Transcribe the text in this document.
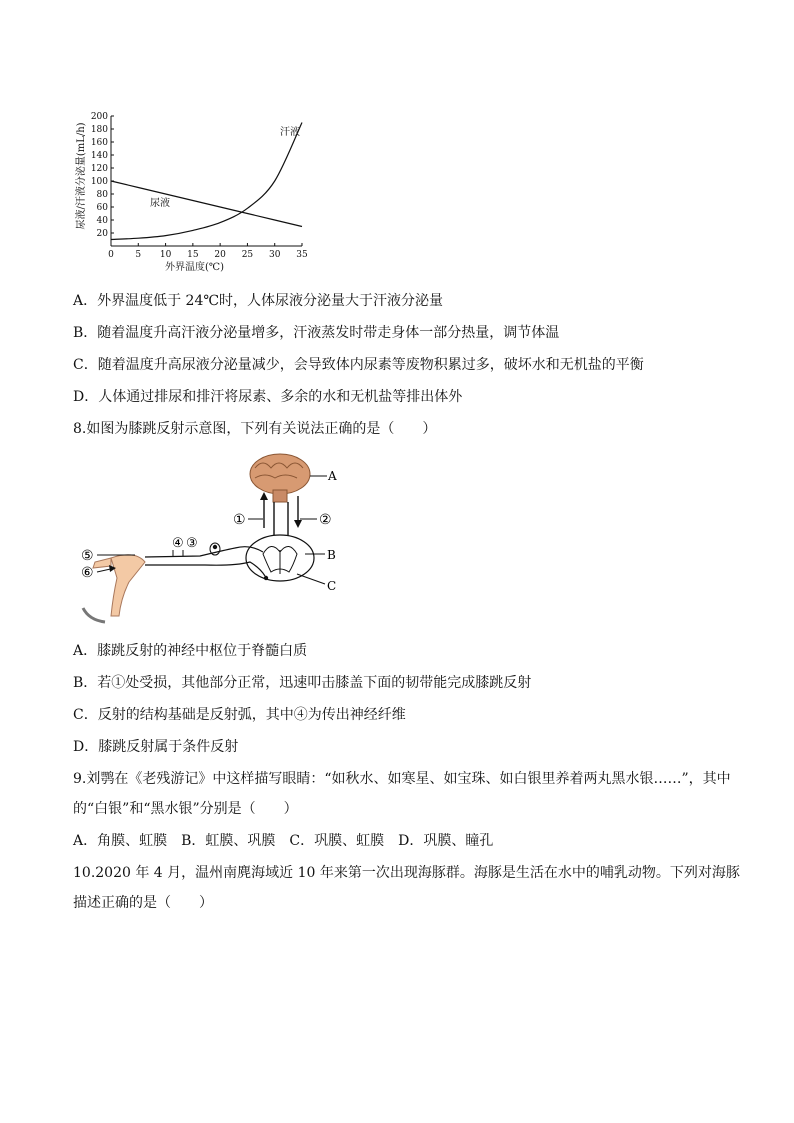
尿液/汗液分泌量(mL/h)
20
40
60
80
100
120
140
160
180
200
0 5 10 15 20 25 30 35
汗液
尿液
外界温度(℃)
A．外界温度低于 24℃时，人体尿液分泌量大于汗液分泌量
B．随着温度升高汗液分泌量增多，汗液蒸发时带走身体一部分热量，调节体温
C．随着温度升高尿液分泌量减少，会导致体内尿素等废物积累过多，破坏水和无机盐的平衡
D．人体通过排尿和排汗将尿素、多余的水和无机盐等排出体外
8.如图为膝跳反射示意图，下列有关说法正确的是（　　）
A
①	②
B
C
④ ③
⑤
⑥
A．膝跳反射的神经中枢位于脊髓白质
B．若①处受损，其他部分正常，迅速叩击膝盖下面的韧带能完成膝跳反射
C．反射的结构基础是反射弧，其中④为传出神经纤维
D．膝跳反射属于条件反射
9.刘鹗在《老残游记》中这样描写眼睛：“如秋水、如寒星、如宝珠、如白银里养着两丸黑水银……”，其中
的“白银”和“黑水银”分别是（　　）
A．角膜、虹膜　B．虹膜、巩膜　C．巩膜、虹膜　D．巩膜、瞳孔
10.2020 年 4 月，温州南麂海域近 10 年来第一次出现海豚群。海豚是生活在水中的哺乳动物。下列对海豚
描述正确的是（　　）
